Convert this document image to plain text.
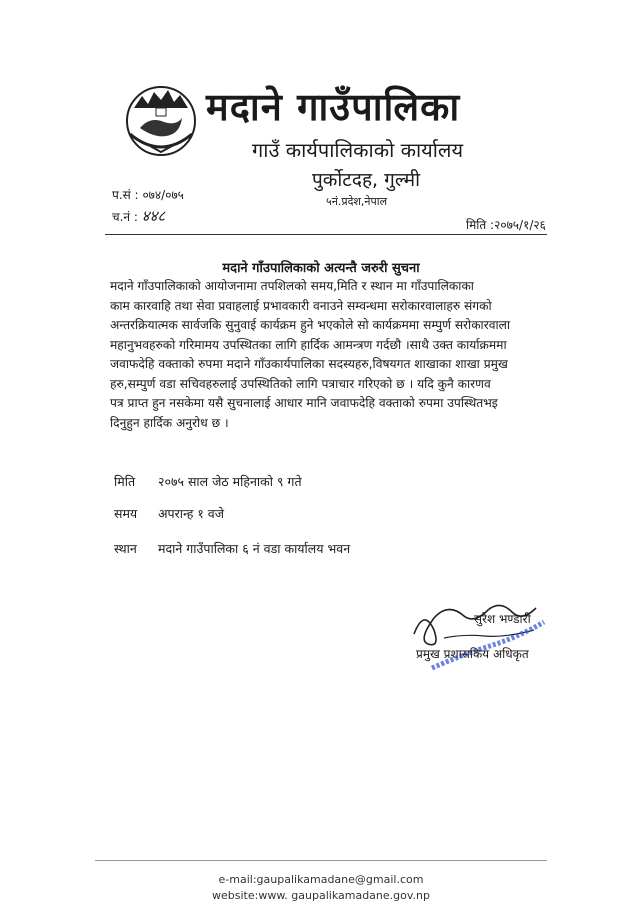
मदाने गाउँपालिका
गाउँ कार्यपालिकाको कार्यालय
पुर्कोटदह, गुल्मी
५नं.प्रदेश,नेपाल
प.सं : ०७४/०७५
च.नं : ४४८	मिति :२०७५/१/२६
मदाने गाँउपालिकाको अत्यन्तै जरुरी सुचना
मदाने गाँउपालिकाको आयोजनामा तपशिलको समय,मिति र स्थान मा गाँउपालिकाका
काम कारवाहि तथा सेवा प्रवाहलाई प्रभावकारी वनाउने सम्वन्धमा सरोकारवालाहरु संगको
अन्तरक्रियात्मक सार्वजकि सुनुवाई कार्यक्रम हुने भएकोले सो कार्यक्रममा सम्पुर्ण सरोकारवाला
महानुभवहरुको गरिमामय उपस्थितका लागि हार्दिक आमन्त्रण गर्दछौ ।साथै उक्त कार्याक्रममा
जवाफदेहि वक्ताको रुपमा मदाने गाँउकार्यपालिका सदस्यहरु,विषयगत शाखाका शाखा प्रमुख
हरु,सम्पुर्ण वडा सचिवहरुलाई उपस्थितिको लागि पत्राचार गरिएको छ । यदि कुनै कारणव
पत्र प्राप्त हुन नसकेमा यसै सुचनालाई आधार मानि जवाफदेहि वक्ताको रुपमा उपस्थितभइ
दिनुहुन हार्दिक अनुरोध छ ।
मिति २०७५ साल जेठ महिनाको ९ गते
समय अपरान्ह १ वजे
स्थान मदाने गाउँपालिका ६ नं वडा कार्यालय भवन
सुरेश भण्डारी
प्रमुख प्रशासकिय अधिकृत
e-mail:gaupalikamadane@gmail.com
website:www. gaupalikamadane.gov.np
